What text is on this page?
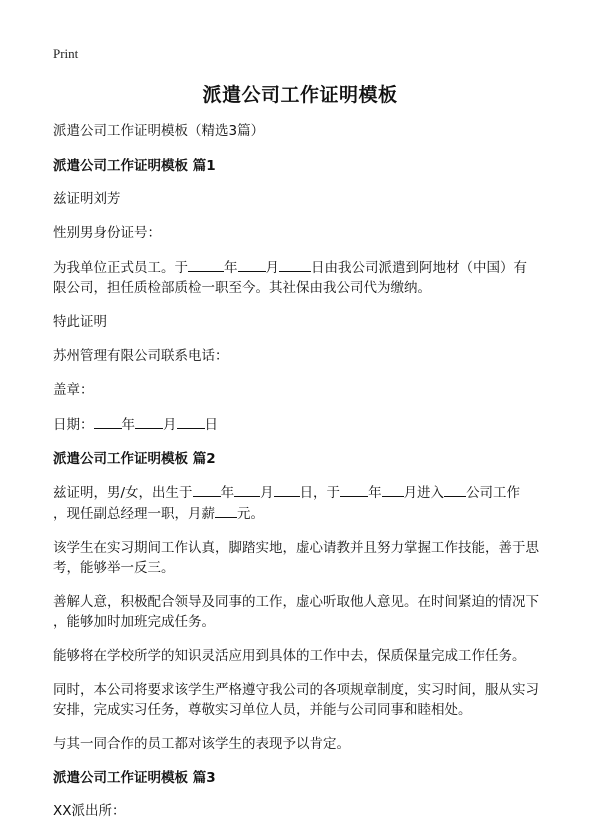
Print
派遣公司工作证明模板

派遣公司工作证明模板（精选3篇）

派遣公司工作证明模板 篇1

兹证明刘芳

性别男身份证号：

为我单位正式员工。于	年 月 日由我公司派遣到阿地材（中国）有
限公司，担任质检部质检一职至今。其社保由我公司代为缴纳。

特此证明

苏州管理有限公司联系电话：

盖章：

日期： 年 月 日

派遣公司工作证明模板 篇2

兹证明，男/女，出生于 年 月 日，于 年 月进入 公司工作
，现任副总经理一职，月薪 元。

该学生在实习期间工作认真，脚踏实地，虚心请教并且努力掌握工作技能，善于思
考，能够举一反三。

善解人意，积极配合领导及同事的工作，虚心听取他人意见。在时间紧迫的情况下
，能够加时加班完成任务。

能够将在学校所学的知识灵活应用到具体的工作中去，保质保量完成工作任务。

同时，本公司将要求该学生严格遵守我公司的各项规章制度，实习时间，服从实习
安排，完成实习任务，尊敬实习单位人员，并能与公司同事和睦相处。

与其一同合作的员工都对该学生的表现予以肯定。

派遣公司工作证明模板 篇3

XX派出所：
